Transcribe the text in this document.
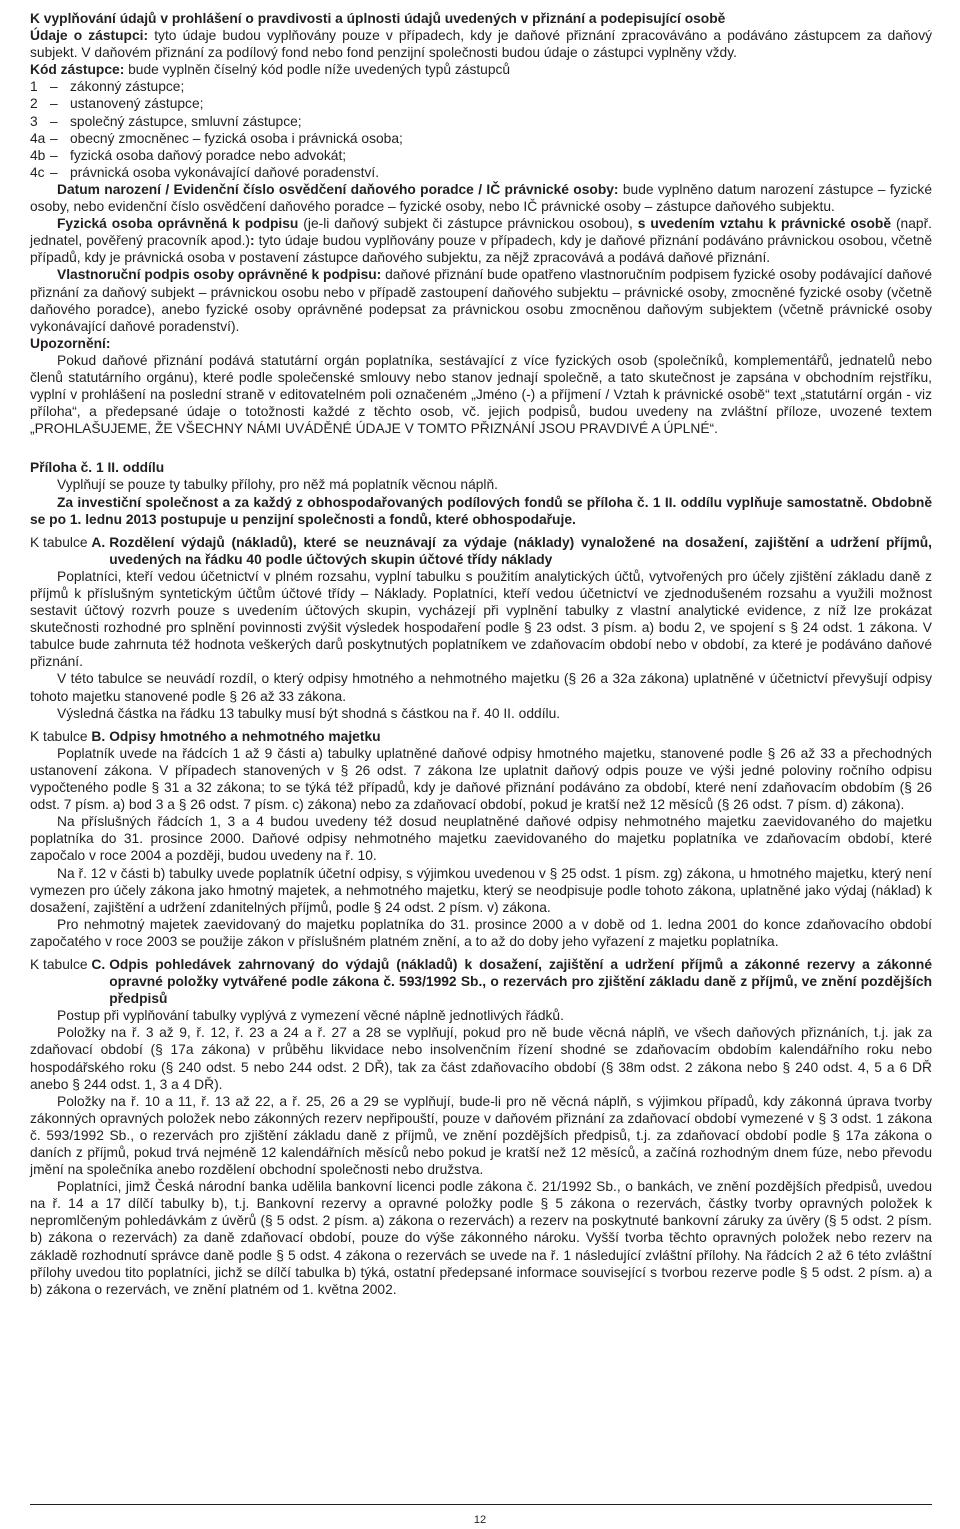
K vyplňování údajů v prohlášení o pravdivosti a úplnosti údajů uvedených v přiznání a podepisující osobě

Údaje o zástupci: tyto údaje budou vyplňovány pouze v případech, kdy je daňové přiznání zpracováváno a podáváno zástupcem za daňový subjekt. V daňovém přiznání za podílový fond nebo fond penzijní společnosti budou údaje o zástupci vyplněny vždy.

Kód zástupce: bude vyplněn číselný kód podle níže uvedených typů zástupců

1 – zákonný zástupce;
2 – ustanovený zástupce;
3 – společný zástupce, smluvní zástupce;
4a – obecný zmocněnec – fyzická osoba i právnická osoba;
4b – fyzická osoba daňový poradce nebo advokát;
4c – právnická osoba vykonávající daňové poradenství.

Datum narození / Evidenční číslo osvědčení daňového poradce / IČ právnické osoby: bude vyplněno datum narození zástupce – fyzické osoby, nebo evidenční číslo osvědčení daňového poradce – fyzické osoby, nebo IČ právnické osoby – zástupce daňového subjektu.

Fyzická osoba oprávněná k podpisu (je-li daňový subjekt či zástupce právnickou osobou), s uvedením vztahu k právnické osobě (např. jednatel, pověřený pracovník apod.): tyto údaje budou vyplňovány pouze v případech, kdy je daňové přiznání podáváno právnickou osobou, včetně případů, kdy je právnická osoba v postavení zástupce daňového subjektu, za nějž zpracovává a podává daňové přiznání.

Vlastnoruční podpis osoby oprávněné k podpisu: daňové přiznání bude opatřeno vlastnoručním podpisem fyzické osoby podávající daňové přiznání za daňový subjekt – právnickou osobu nebo v případě zastoupení daňového subjektu – právnické osoby, zmocněné fyzické osoby (včetně daňového poradce), anebo fyzické osoby oprávněné podepsat za právnickou osobu zmocněnou daňovým subjektem (včetně právnické osoby vykonávající daňové poradenství).

Upozornění:

Pokud daňové přiznání podává statutární orgán poplatníka, sestávající z více fyzických osob (společníků, komplementářů, jednatelů nebo členů statutárního orgánu), které podle společenské smlouvy nebo stanov jednají společně, a tato skutečnost je zapsána v obchodním rejstříku, vyplní v prohlášení na poslední straně v editovatelném poli označeném „Jméno (-) a příjmení / Vztah k právnické osobě“ text „statutární orgán - viz příloha“, a předepsané údaje o totožnosti každé z těchto osob, vč. jejich podpisů, budou uvedeny na zvláštní příloze, uvozené textem „PROHLAŠUJEME, ŽE VŠECHNY NÁMI UVÁDĚNÉ ÚDAJE V TOMTO PŘIZNÁNÍ JSOU PRAVDIVÉ A ÚPLNÉ“.

Příloha č. 1 II. oddílu

Vyplňují se pouze ty tabulky přílohy, pro něž má poplatník věcnou náplň.

Za investiční společnost a za každý z obhospodařovaných podílových fondů se příloha č. 1 II. oddílu vyplňuje samostatně. Obdobně se po 1. lednu 2013 postupuje u penzijní společnosti a fondů, které obhospodařuje.

K tabulce A. Rozdělení výdajů (nákladů), které se neuznávají za výdaje (náklady) vynaložené na dosažení, zajištění a udržení příjmů, uvedených na řádku 40 podle účtových skupin účtové třídy náklady

Poplatníci, kteří vedou účetnictví v plném rozsahu, vyplní tabulku s použitím analytických účtů, vytvořených pro účely zjištění základu daně z příjmů k příslušným syntetickým účtům účtové třídy – Náklady. Poplatníci, kteří vedou účetnictví ve zjednodušeném rozsahu a využili možnost sestavit účtový rozvrh pouze s uvedením účtových skupin, vycházejí při vyplnění tabulky z vlastní analytické evidence, z níž lze prokázat skutečnosti rozhodné pro splnění povinnosti zvýšit výsledek hospodaření podle § 23 odst. 3 písm. a) bodu 2, ve spojení s § 24 odst. 1 zákona. V tabulce bude zahrnuta též hodnota veškerých darů poskytnutých poplatníkem ve zdaňovacím období nebo v období, za které je podáváno daňové přiznání.

V této tabulce se neuvádí rozdíl, o který odpisy hmotného a nehmotného majetku (§ 26 a 32a zákona) uplatněné v účetnictví převyšují odpisy tohoto majetku stanovené podle § 26 až 33 zákona.

Výsledná částka na řádku 13 tabulky musí být shodná s částkou na ř. 40 II. oddílu.

K tabulce B. Odpisy hmotného a nehmotného majetku

Poplatník uvede na řádcích 1 až 9 části a) tabulky uplatněné daňové odpisy hmotného majetku, stanovené podle § 26 až 33 a přechodných ustanovení zákona. V případech stanovených v § 26 odst. 7 zákona lze uplatnit daňový odpis pouze ve výši jedné poloviny ročního odpisu vypočteného podle § 31 a 32 zákona; to se týká též případů, kdy je daňové přiznání podáváno za období, které není zdaňovacím obdobím (§ 26 odst. 7 písm. a) bod 3 a § 26 odst. 7 písm. c) zákona) nebo za zdaňovací období, pokud je kratší než 12 měsíců (§ 26 odst. 7 písm. d) zákona).

Na příslušných řádcích 1, 3 a 4 budou uvedeny též dosud neuplatněné daňové odpisy nehmotného majetku zaevidovaného do majetku poplatníka do 31. prosince 2000. Daňové odpisy nehmotného majetku zaevidovaného do majetku poplatníka ve zdaňovacím období, které započalo v roce 2004 a později, budou uvedeny na ř. 10.

Na ř. 12 v části b) tabulky uvede poplatník účetní odpisy, s výjimkou uvedenou v § 25 odst. 1 písm. zg) zákona, u hmotného majetku, který není vymezen pro účely zákona jako hmotný majetek, a nehmotného majetku, který se neodpisuje podle tohoto zákona, uplatněné jako výdaj (náklad) k dosažení, zajištění a udržení zdanitelných příjmů, podle § 24 odst. 2 písm. v) zákona.

Pro nehmotný majetek zaevidovaný do majetku poplatníka do 31. prosince 2000 a v době od 1. ledna 2001 do konce zdaňovacího období započatého v roce 2003 se použije zákon v příslušném platném znění, a to až do doby jeho vyřazení z majetku poplatníka.

K tabulce C. Odpis pohledávek zahrnovaný do výdajů (nákladů) k dosažení, zajištění a udržení příjmů a zákonné rezervy a zákonné opravné položky vytvářené podle zákona č. 593/1992 Sb., o rezervách pro zjištění základu daně z příjmů, ve znění pozdějších předpisů

Postup při vyplňování tabulky vyplývá z vymezení věcné náplně jednotlivých řádků.

Položky na ř. 3 až 9, ř. 12, ř. 23 a 24 a ř. 27 a 28 se vyplňují, pokud pro ně bude věcná náplň, ve všech daňových přiznáních, t.j. jak za zdaňovací období (§ 17a zákona) v průběhu likvidace nebo insolvenčním řízení shodné se zdaňovacím obdobím kalendářního roku nebo hospodářského roku (§ 240 odst. 5 nebo 244 odst. 2 DŘ), tak za část zdaňovacího období (§ 38m odst. 2 zákona nebo § 240 odst. 4, 5 a 6 DŘ anebo § 244 odst. 1, 3 a 4 DŘ).

Položky na ř. 10 a 11, ř. 13 až 22, a ř. 25, 26 a 29 se vyplňují, bude-li pro ně věcná náplň, s výjimkou případů, kdy zákonná úprava tvorby zákonných opravných položek nebo zákonných rezerv nepřipouští, pouze v daňovém přiznání za zdaňovací období vymezené v § 3 odst. 1 zákona č. 593/1992 Sb., o rezervách pro zjištění základu daně z příjmů, ve znění pozdějších předpisů, t.j. za zdaňovací období podle § 17a zákona o daních z příjmů, pokud trvá nejméně 12 kalendářních měsíců nebo pokud je kratší než 12 měsíců, a začíná rozhodným dnem fúze, nebo převodu jmění na společníka anebo rozdělení obchodní společnosti nebo družstva.

Poplatníci, jimž Česká národní banka udělila bankovní licenci podle zákona č. 21/1992 Sb., o bankách, ve znění pozdějších předpisů, uvedou na ř. 14 a 17 dílčí tabulky b), t.j. Bankovní rezervy a opravné položky podle § 5 zákona o rezervách, částky tvorby opravných položek k nepromlčeným pohledávkám z úvěrů (§ 5 odst. 2 písm. a) zákona o rezervách) a rezerv na poskytnuté bankovní záruky za úvěry (§ 5 odst. 2 písm. b) zákona o rezervách) za daně zdaňovací období, pouze do výše zákonného nároku. Vyšší tvorba těchto opravných položek nebo rezerv na základě rozhodnutí správce daně podle § 5 odst. 4 zákona o rezervách se uvede na ř. 1 následující zvláštní přílohy. Na řádcích 2 až 6 této zvláštní přílohy uvedou tito poplatníci, jichž se dílčí tabulka b) týká, ostatní předepsané informace související s tvorbou rezerve podle § 5 odst. 2 písm. a) a b) zákona o rezervách, ve znění platném od 1. května 2002.

12
